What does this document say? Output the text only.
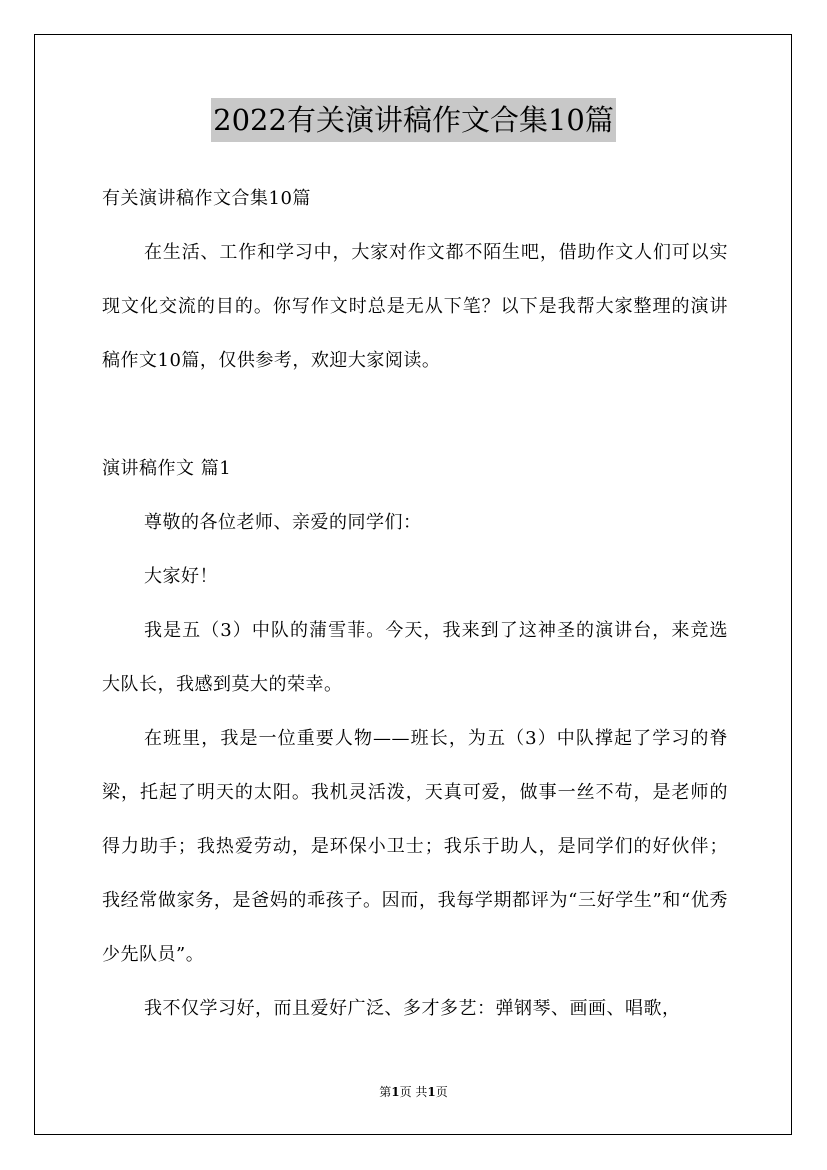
2022有关演讲稿作文合集10篇

有关演讲稿作文合集10篇

在生活、工作和学习中，大家对作文都不陌生吧，借助作文人们可以实现文化交流的目的。你写作文时总是无从下笔？以下是我帮大家整理的演讲稿作文10篇，仅供参考，欢迎大家阅读。

演讲稿作文 篇1

尊敬的各位老师、亲爱的同学们：

大家好！

我是五（3）中队的蒲雪菲。今天，我来到了这神圣的演讲台，来竞选大队长，我感到莫大的荣幸。

在班里，我是一位重要人物——班长，为五（3）中队撑起了学习的脊梁，托起了明天的太阳。我机灵活泼，天真可爱，做事一丝不苟，是老师的得力助手；我热爱劳动，是环保小卫士；我乐于助人，是同学们的好伙伴；我经常做家务，是爸妈的乖孩子。因而，我每学期都评为“三好学生”和“优秀少先队员”。

我不仅学习好，而且爱好广泛、多才多艺：弹钢琴、画画、唱歌，

第1页 共1页
